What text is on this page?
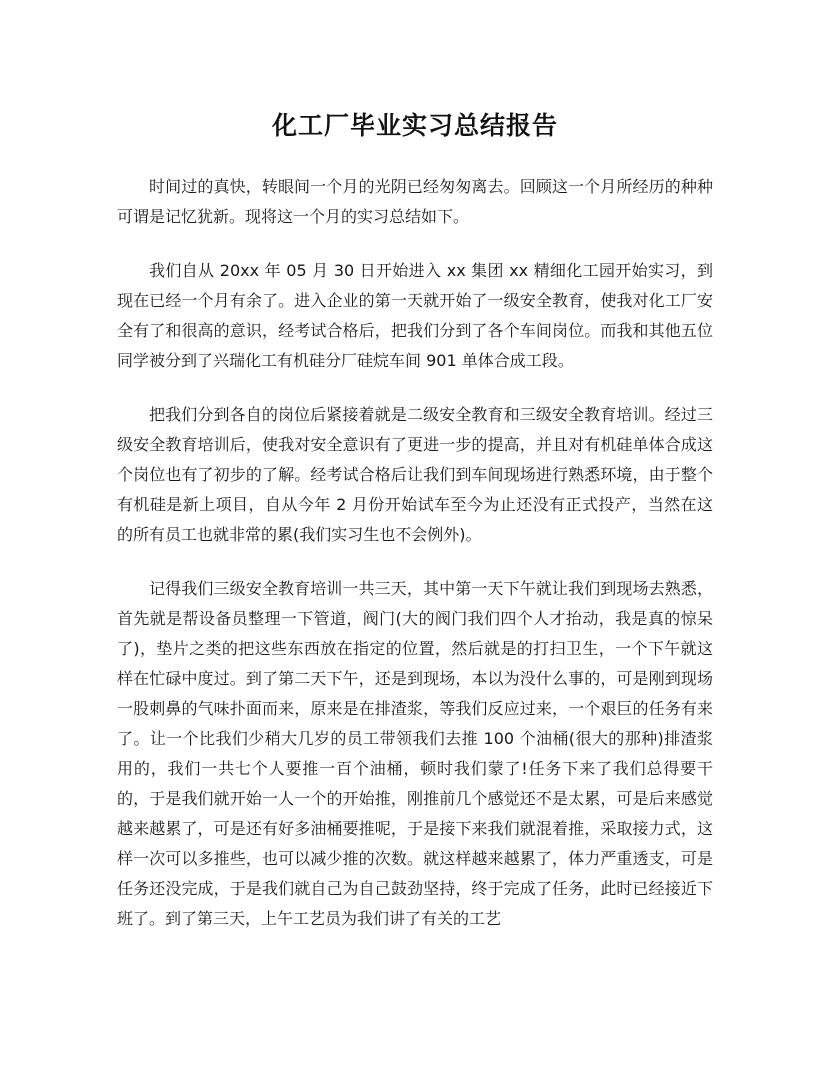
化工厂毕业实习总结报告

时间过的真快，转眼间一个月的光阴已经匆匆离去。回顾这一个月所经历的种种可谓是记忆犹新。现将这一个月的实习总结如下。

我们自从 20xx 年 05 月 30 日开始进入 xx 集团 xx 精细化工园开始实习，到现在已经一个月有余了。进入企业的第一天就开始了一级安全教育，使我对化工厂安全有了和很高的意识，经考试合格后，把我们分到了各个车间岗位。而我和其他五位同学被分到了兴瑞化工有机硅分厂硅烷车间 901 单体合成工段。

把我们分到各自的岗位后紧接着就是二级安全教育和三级安全教育培训。经过三级安全教育培训后，使我对安全意识有了更进一步的提高，并且对有机硅单体合成这个岗位也有了初步的了解。经考试合格后让我们到车间现场进行熟悉环境，由于整个有机硅是新上项目，自从今年 2 月份开始试车至今为止还没有正式投产，当然在这的所有员工也就非常的累(我们实习生也不会例外)。

记得我们三级安全教育培训一共三天，其中第一天下午就让我们到现场去熟悉，首先就是帮设备员整理一下管道，阀门(大的阀门我们四个人才抬动，我是真的惊呆了)，垫片之类的把这些东西放在指定的位置，然后就是的打扫卫生，一个下午就这样在忙碌中度过。到了第二天下午，还是到现场，本以为没什么事的，可是刚到现场一股刺鼻的气味扑面而来，原来是在排渣浆，等我们反应过来，一个艰巨的任务有来了。让一个比我们少稍大几岁的员工带领我们去推 100 个油桶(很大的那种)排渣浆用的，我们一共七个人要推一百个油桶，顿时我们蒙了!任务下来了我们总得要干的，于是我们就开始一人一个的开始推，刚推前几个感觉还不是太累，可是后来感觉越来越累了，可是还有好多油桶要推呢，于是接下来我们就混着推，采取接力式，这样一次可以多推些，也可以减少推的次数。就这样越来越累了，体力严重透支，可是任务还没完成，于是我们就自己为自己鼓劲坚持，终于完成了任务，此时已经接近下班了。到了第三天，上午工艺员为我们讲了有关的工艺
